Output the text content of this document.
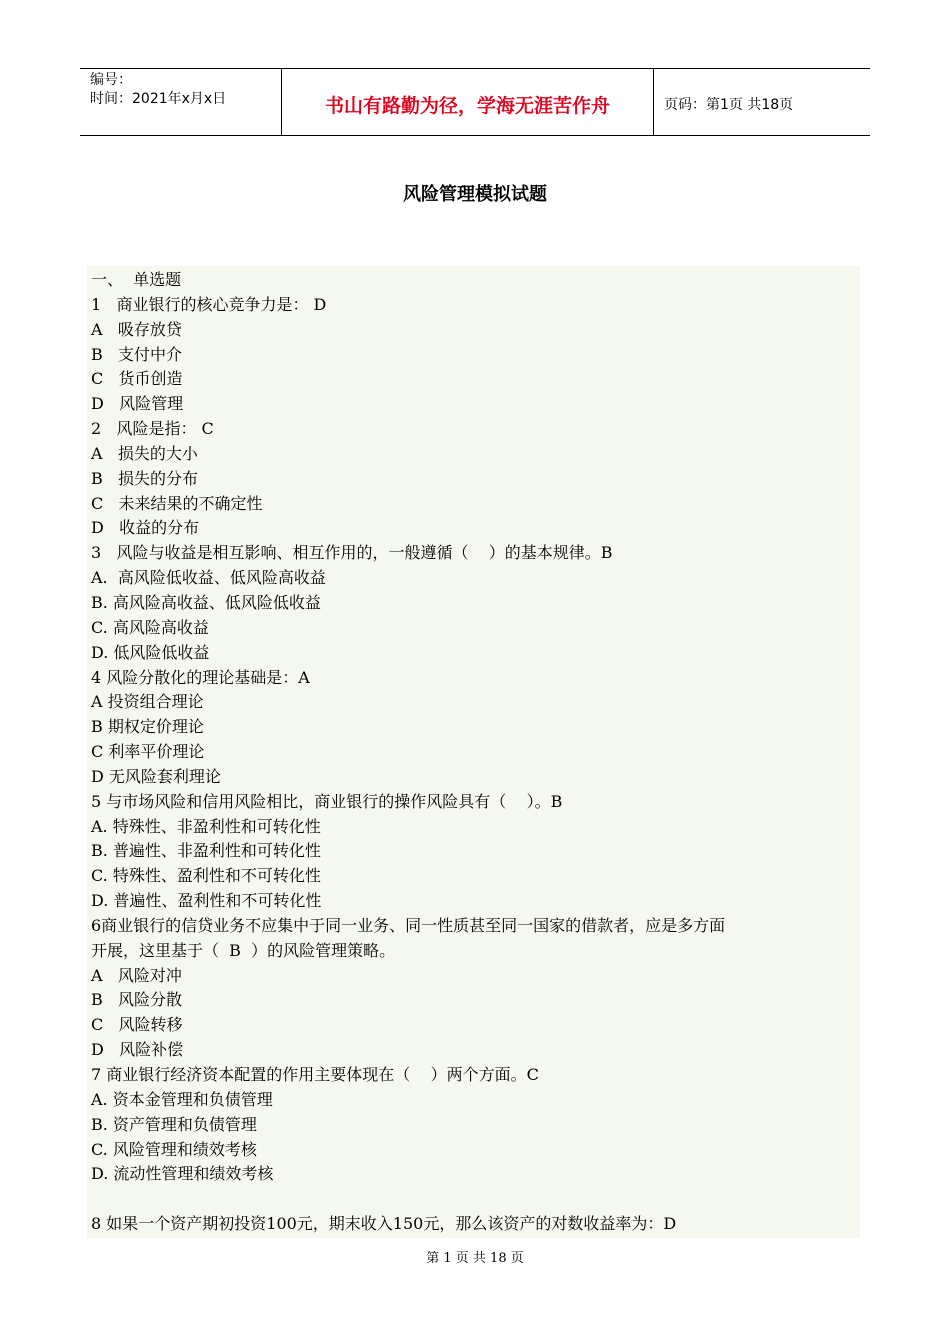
编号：
时间：2021年x月x日	书山有路勤为径，学海无涯苦作舟	页码：第1页 共18页
风险管理模拟试题
一、  单选题
1   商业银行的核心竞争力是： D
A   吸存放贷
B   支付中介
C   货币创造
D   风险管理
2   风险是指： C
A   损失的大小
B   损失的分布
C   未来结果的不确定性
D   收益的分布
3   风险与收益是相互影响、相互作用的，一般遵循（    ）的基本规律。B
A.  高风险低收益、低风险高收益
B. 高风险高收益、低风险低收益
C. 高风险高收益
D. 低风险低收益
4 风险分散化的理论基础是：A
A 投资组合理论
B 期权定价理论
C 利率平价理论
D 无风险套利理论
5 与市场风险和信用风险相比，商业银行的操作风险具有（    ）。B
A. 特殊性、非盈利性和可转化性
B. 普遍性、非盈利性和可转化性
C. 特殊性、盈利性和不可转化性
D. 普遍性、盈利性和不可转化性
6商业银行的信贷业务不应集中于同一业务、同一性质甚至同一国家的借款者，应是多方面
开展，这里基于（  B  ）的风险管理策略。
A   风险对冲
B   风险分散
C   风险转移
D   风险补偿
7 商业银行经济资本配置的作用主要体现在（    ）两个方面。C
A. 资本金管理和负债管理
B. 资产管理和负债管理
C. 风险管理和绩效考核
D. 流动性管理和绩效考核
8 如果一个资产期初投资100元，期末收入150元，那么该资产的对数收益率为：D
第 1 页 共 18 页
